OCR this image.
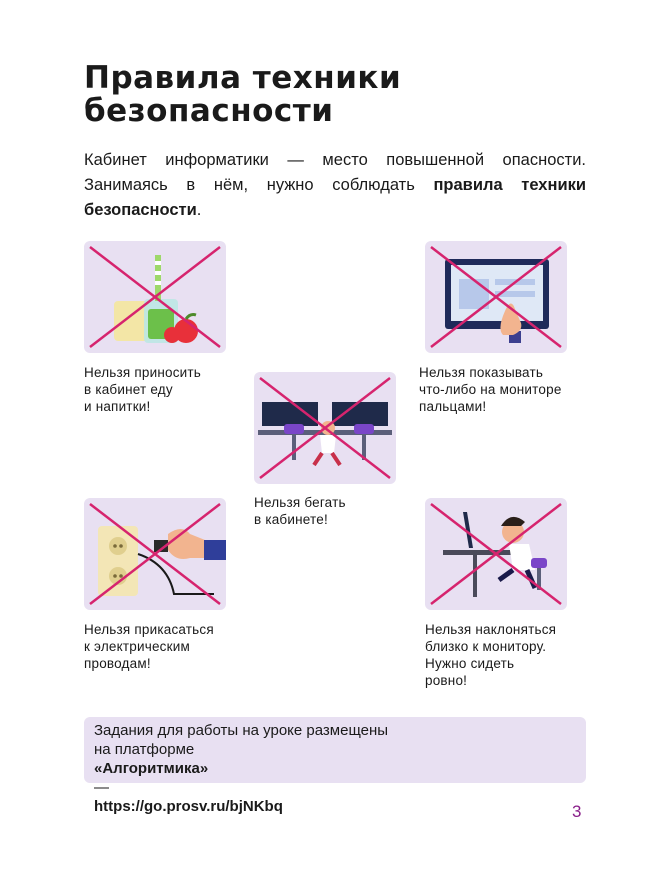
Правила техники
безопасности

Кабинет информатики — место повышенной опасности. Занимаясь в нём, нужно соблюдать правила техники безопасности.

Нельзя приносить
в кабинет еду
и напитки!

Нельзя показывать
что-либо на мониторе
пальцами!

Нельзя бегать
в кабинете!

Нельзя прикасаться
к электрическим
проводам!

Нельзя наклоняться
близко к монитору.
Нужно сидеть
ровно!

Задания для работы на уроке размещены
на платформе
«Алгоритмика»
—
https://go.prosv.ru/bjNKbq	3
